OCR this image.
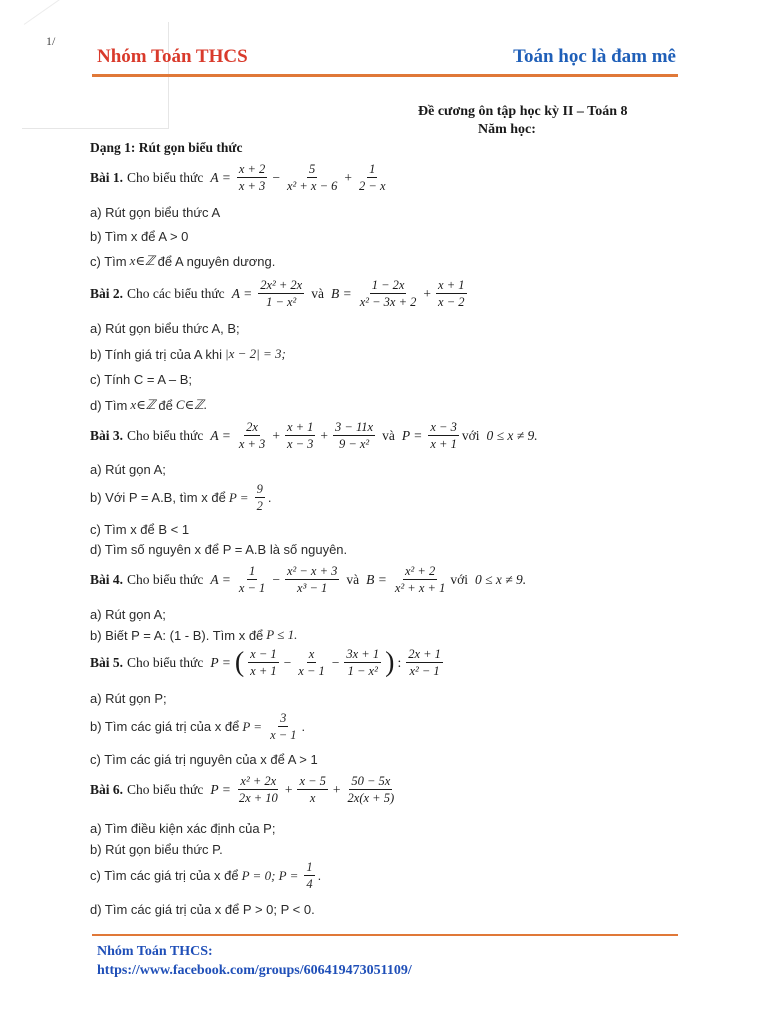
1/
Nhóm Toán THCS	Toán học là đam mê
Đề cương ôn tập học kỳ II – Toán 8
Năm học:
Dạng 1: Rút gọn biểu thức
Bài 1. Cho biểu thức $A = \frac{x + 2}{x + 3} - \frac{5}{\text{x² + x − 6}} + \frac{1}{2 - x}$
a) Rút gọn biểu thức A
b) Tìm x để A > 0
c) Tìm x∈ℤ để A nguyên dương.
Bài 2. Cho các biểu thức $A = \frac{\text{2x² + 2x}}{\text{1 − x²}}$ và $B = \frac{1 - 2x}{\text{x² − 3x + 2}} + \frac{x + 1}{x - 2}$
a) Rút gọn biểu thức A, B;
b) Tính giá trị của A khi |x − 2| = 3;
c) Tính C = A – B;
d) Tìm x∈ℤ để C∈ℤ.
Bài 3. Cho biểu thức $A = \frac{2x}{x + 3} + \frac{x + 1}{x - 3} + \frac{3 - 11x}{\text{9 − x²}}$ và $P = \frac{x - 3}{x + 1}$ với 0 ≤ x ≠ 9.
a) Rút gọn A;
b) Với P = A.B, tìm x để $P = \frac{9}{2}$ .
c) Tìm x để B < 1
d) Tìm số nguyên x để P = A.B là số nguyên.
Bài 4. Cho biểu thức $A = \frac{1}{x - 1} - \frac{\text{x² − x + 3}}{\text{x³ − 1}}$ và $B = \frac{\text{x² + 2}}{\text{x² + x + 1}}$ với 0 ≤ x ≠ 9.
a) Rút gọn A;
b) Biết P = A: (1 - B). Tìm x để P ≤ 1.
Bài 5. Cho biểu thức P = ( $\frac{x - 1}{x + 1} - \frac{x}{x - 1} - \frac{3x + 1}{\text{1 − x²}}$ ) : $\frac{2x + 1}{\text{x² − 1}}$
a) Rút gọn P;
b) Tìm các giá trị của x để $P = \frac{3}{x - 1}$ .
c) Tìm các giá trị nguyên của x để A > 1
Bài 6. Cho biểu thức $P = \frac{\text{x² + 2x}}{2x + 10} + \frac{x - 5}{x} + \frac{50 - 5x}{2x(x + 5)}$
a) Tìm điều kiện xác định của P;
b) Rút gọn biểu thức P.
c) Tìm các giá trị của x để P = 0; $P = \frac{1}{4}$ .
d) Tìm các giá trị của x để P > 0; P < 0.
Nhóm Toán THCS:
https://www.facebook.com/groups/606419473051109/
